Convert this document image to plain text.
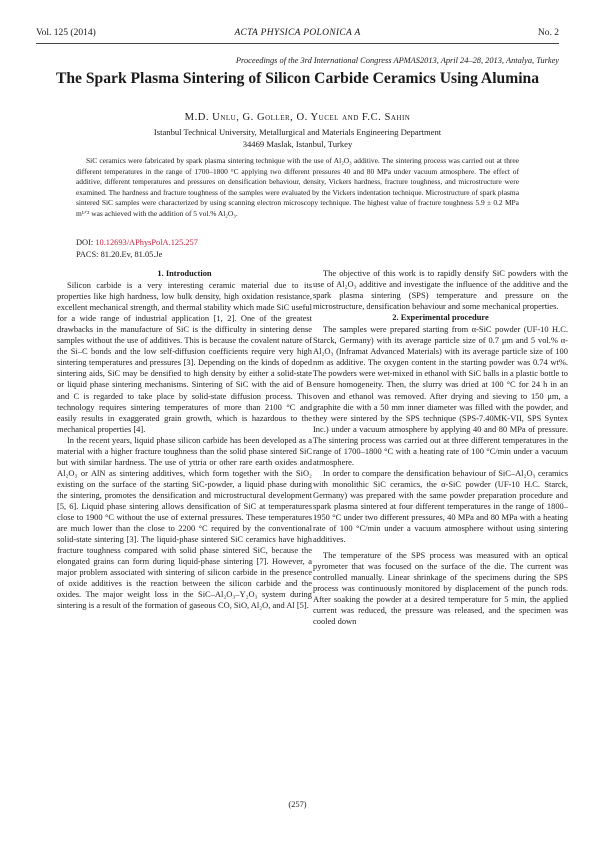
Vol. 125 (2014)	ACTA PHYSICA POLONICA A	No. 2
Proceedings of the 3rd International Congress APMAS2013, April 24–28, 2013, Antalya, Turkey
The Spark Plasma Sintering of Silicon Carbide Ceramics Using Alumina
M.D. Unlu, G. Goller, O. Yucel and F.C. Sahin
Istanbul Technical University, Metallurgical and Materials Engineering Department
34469 Maslak, Istanbul, Turkey
SiC ceramics were fabricated by spark plasma sintering technique with the use of Al₂O₃ additive. The sintering process was carried out at three different temperatures in the range of 1700–1800 °C applying two different pressures 40 and 80 MPa under vacuum atmosphere. The effect of additive, different temperatures and pressures on densification behaviour, density, Vickers hardness, fracture toughness, and microstructure were examined. The hardness and fracture toughness of the samples were evaluated by the Vickers indentation technique. Microstructure of spark plasma sintered SiC samples were characterized by using scanning electron microscopy technique. The highest value of fracture toughness 5.9 ± 0.2 MPa m¹ᐟ² was achieved with the addition of 5 vol.% Al₂O₃.
DOI: 10.12693/APhysPolA.125.257
PACS: 81.20.Ev, 81.05.Je
1. Introduction

Silicon carbide is a very interesting ceramic material due to its properties like high hardness, low bulk density, high oxidation resistance, excellent mechanical strength, and thermal stability which made SiC useful for a wide range of industrial application [1, 2]. One of the greatest drawbacks in the manufacture of SiC is the difficulty in sintering dense samples without the use of additives. This is because the covalent nature of the Si–C bonds and the low self-diffusion coefficients require very high sintering temperatures and pressures [3]. Depending on the kinds of doped sintering aids, SiC may be densified to high density by either a solid-state or liquid phase sintering mechanisms. Sintering of SiC with the aid of B and C is regarded to take place by solid-state diffusion process. This technology requires sintering temperatures of more than 2100 °C and easily results in exaggerated grain growth, which is hazardous to the mechanical properties [4].

In the recent years, liquid phase silicon carbide has been developed as a material with a higher fracture toughness than the solid phase sintered SiC but with similar hardness. The use of yttria or other rare earth oxides and Al₂O₃ or AlN as sintering additives, which form together with the SiO₂ existing on the surface of the starting SiC-powder, a liquid phase during the sintering, promotes the densification and microstructural development [5, 6]. Liquid phase sintering allows densification of SiC at temperatures close to 1900 °C without the use of external pressures. These temperatures are much lower than the close to 2200 °C required by the conventional solid-state sintering [3]. The liquid-phase sintered SiC ceramics have high fracture toughness compared with solid phase sintered SiC, because the elongated grains can form during liquid-phase sintering [7]. However, a major problem associated with sintering of silicon carbide in the presence of oxide additives is the reaction between the silicon carbide and the oxides. The major weight loss in the SiC–Al₂O₃–Y₂O₃ system during sintering is a result of the formation of gaseous CO, SiO, Al₂O, and Al [5].

The objective of this work is to rapidly densify SiC powders with the use of Al₂O₃ additive and investigate the influence of the additive and the spark plasma sintering (SPS) temperature and pressure on the microstructure, densification behaviour and some mechanical properties.

2. Experimental procedure

The samples were prepared starting from α-SiC powder (UF-10 H.C. Starck, Germany) with its average particle size of 0.7 μm and 5 vol.% α-Al₂O₃ (Inframat Advanced Materials) with its average particle size of 100 nm as additive. The oxygen content in the starting powder was 0.74 wt%. The powders were wet-mixed in ethanol with SiC balls in a plastic bottle to ensure homogeneity. Then, the slurry was dried at 100 °C for 24 h in an oven and ethanol was removed. After drying and sieving to 150 μm, a graphite die with a 50 mm inner diameter was filled with the powder, and they were sintered by the SPS technique (SPS-7.40MK-VII, SPS Syntex Inc.) under a vacuum atmosphere by applying 40 and 80 MPa of pressure. The sintering process was carried out at three different temperatures in the range of 1700–1800 °C with a heating rate of 100 °C/min under a vacuum atmosphere.

In order to compare the densification behaviour of SiC–Al₂O₃ ceramics with monolithic SiC ceramics, the α-SiC powder (UF-10 H.C. Starck, Germany) was prepared with the same powder preparation procedure and spark plasma sintered at four different temperatures in the range of 1800–1950 °C under two different pressures, 40 MPa and 80 MPa with a heating rate of 100 °C/min under a vacuum atmosphere without using sintering additives.

The temperature of the SPS process was measured with an optical pyrometer that was focused on the surface of the die. The current was controlled manually. Linear shrinkage of the specimens during the SPS process was continuously monitored by displacement of the punch rods. After soaking the powder at a desired temperature for 5 min, the applied current was reduced, the pressure was released, and the specimen was cooled down

(257)
